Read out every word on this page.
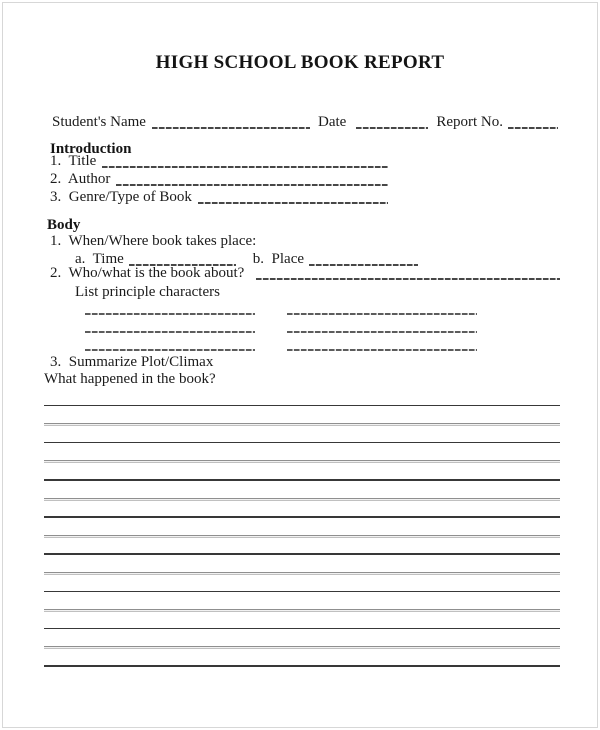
HIGH SCHOOL BOOK REPORT
Student's Name	Date	Report No.
Introduction
1.  Title
2.  Author
3.  Genre/Type of Book
Body
1.  When/Where book takes place:
a.  Time	b.  Place
2.  Who/what is the book about?
List principle characters
3.  Summarize Plot/Climax
What happened in the book?
